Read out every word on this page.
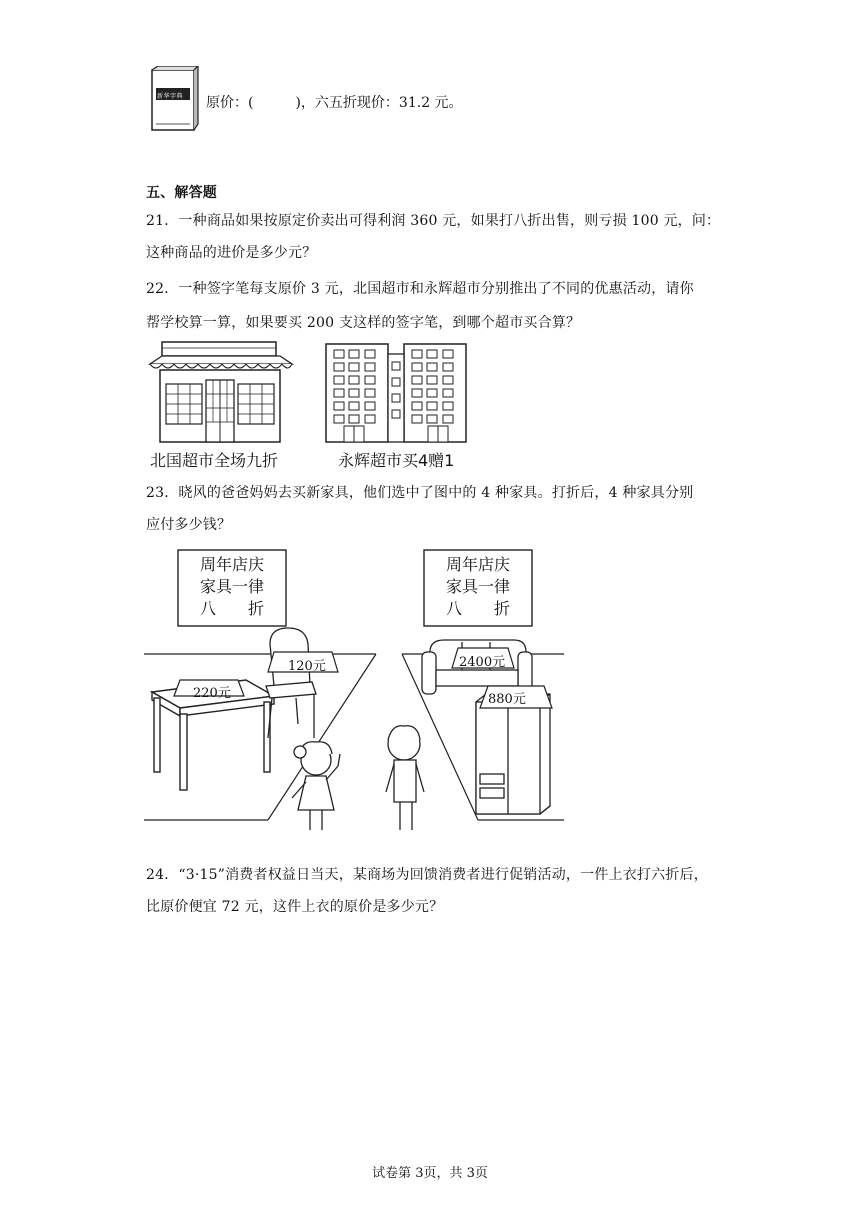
新华字典 原价：(　　　)，六五折现价：31.2 元。
五、解答题
21．一种商品如果按原定价卖出可得利润 360 元，如果打八折出售，则亏损 100 元，问：
这种商品的进价是多少元？
22．一种签字笔每支原价 3 元，北国超市和永辉超市分别推出了不同的优惠活动，请你
帮学校算一算，如果要买 200 支这样的签字笔，到哪个超市买合算？
北国超市全场九折	永辉超市买4赠1
23．晓风的爸爸妈妈去买新家具，他们选中了图中的 4 种家具。打折后，4 种家具分别
应付多少钱？
周年店庆
家具一律
八　　折
周年店庆
家具一律
八　　折
220元
120元	2400元
880元
24．“3·15”消费者权益日当天，某商场为回馈消费者进行促销活动，一件上衣打六折后，
比原价便宜 72 元，这件上衣的原价是多少元？
试卷第 3页，共 3页
